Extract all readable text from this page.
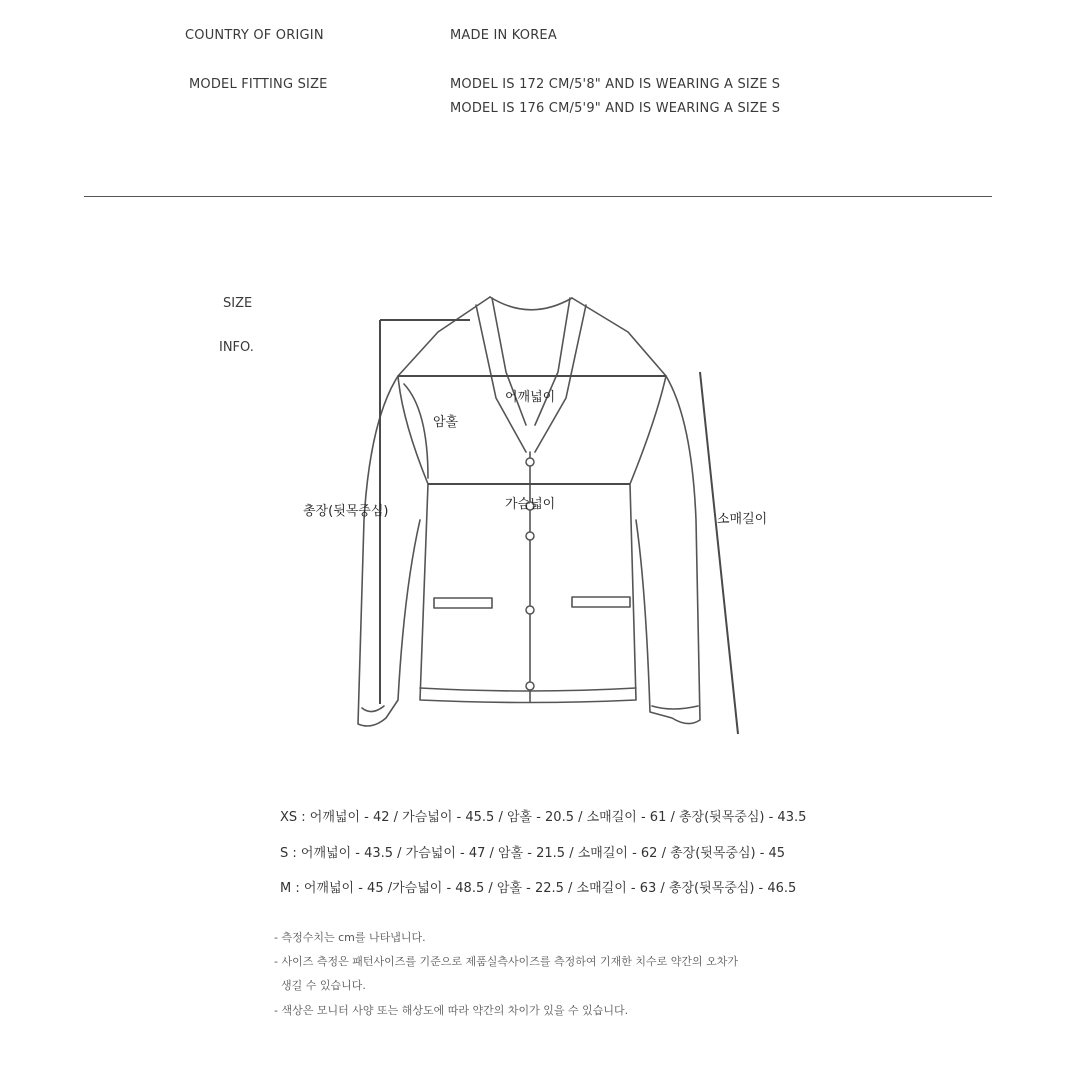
COUNTRY OF ORIGIN	MADE IN KOREA
MODEL FITTING SIZE	MODEL IS 172 CM/5'8" AND IS WEARING A SIZE S
MODEL IS 176 CM/5'9" AND IS WEARING A SIZE S
SIZE
INFO.
어깨넓이
암홀
가슴넓이
총장(뒷목중심)
소매길이
XS : 어깨넓이 - 42 / 가슴넓이 - 45.5 / 암홀 - 20.5 / 소매길이 - 61 / 총장(뒷목중심) - 43.5
S : 어깨넓이 - 43.5 / 가슴넓이 - 47 / 암홀 - 21.5 / 소매길이 - 62 / 총장(뒷목중심) - 45
M : 어깨넓이 - 45 /가슴넓이 - 48.5 / 암홀 - 22.5 / 소매길이 - 63 / 총장(뒷목중심) - 46.5
- 측정수치는 cm를 나타냅니다.
- 사이즈 측정은 패턴사이즈를 기준으로 제품실측사이즈를 측정하여 기재한 치수로 약간의 오차가
생길 수 있습니다.
- 색상은 모니터 사양 또는 해상도에 따라 약간의 차이가 있을 수 있습니다.
